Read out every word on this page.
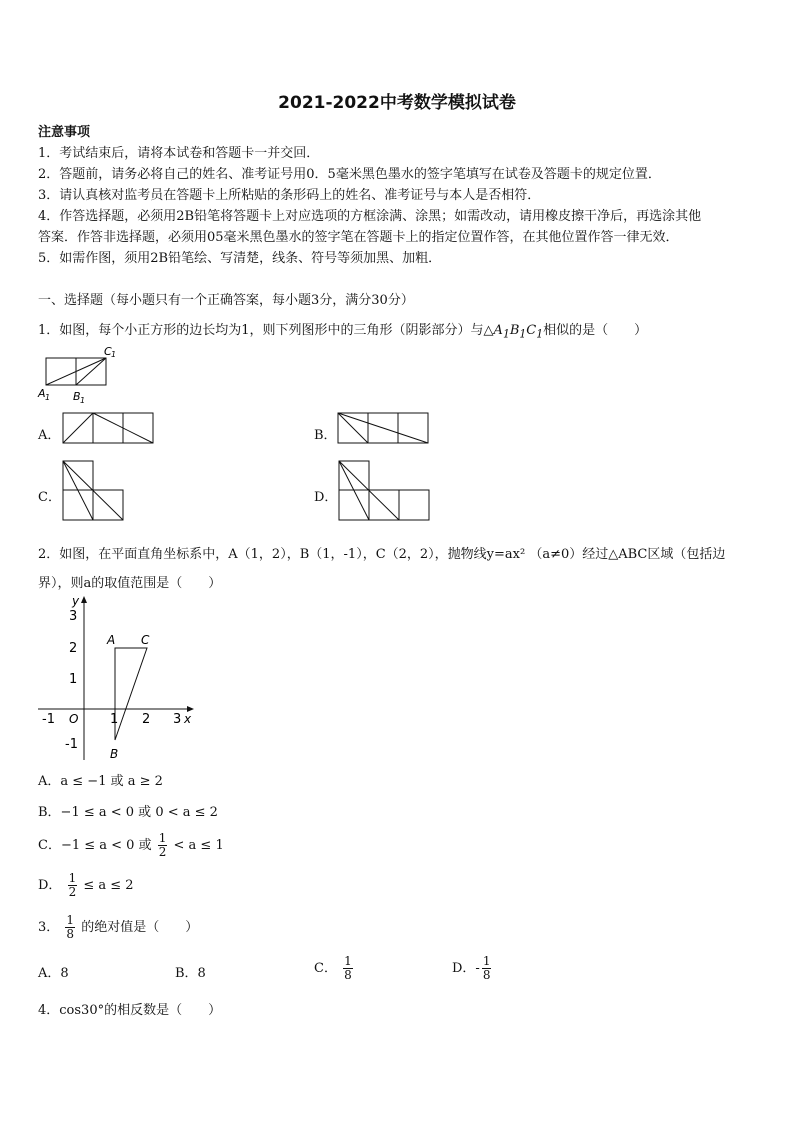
2021-2022中考数学模拟试卷
注意事项
1．考试结束后，请将本试卷和答题卡一并交回．
2．答题前，请务必将自己的姓名、准考证号用0．5毫米黑色墨水的签字笔填写在试卷及答题卡的规定位置．
3．请认真核对监考员在答题卡上所粘贴的条形码上的姓名、准考证号与本人是否相符．
4．作答选择题，必须用2B铅笔将答题卡上对应选项的方框涂满、涂黑；如需改动，请用橡皮擦干净后，再选涂其他
答案．作答非选择题，必须用05毫米黑色墨水的签字笔在答题卡上的指定位置作答，在其他位置作答一律无效．
5．如需作图，须用2B铅笔绘、写清楚，线条、符号等须加黑、加粗．
一、选择题（每小题只有一个正确答案，每小题3分，满分30分）
1．如图，每个小正方形的边长均为1，则下列图形中的三角形（阴影部分）与$\triangle A_1B_1C_1$相似的是（　　）
C 1
A 1 B 1
A．	B．
C．	D．
2．如图，在平面直角坐标系中，A（1，2），B（1，-1），C（2，2），抛物线y=ax² （a≠0）经过△ABC区域（包括边
界），则a的取值范围是（　　）
y
x
-1 O 1 2 3
3
2
1
-1
A C
B
A．a ≤ −1 或 a ≥ 2
B．−1 ≤ a < 0 或 0 < a ≤ 2
C．−1 ≤ a < 0 或 $\frac{1}{2} < a \le 1$
D． $\frac{1}{2} \le a \le 2$
3． $\frac{1}{8}$ 的绝对值是（　　）
A．8	B．8	C． $\frac{1}{8}$	D．- $\frac{1}{8}$
4．cos30°的相反数是（　　）
